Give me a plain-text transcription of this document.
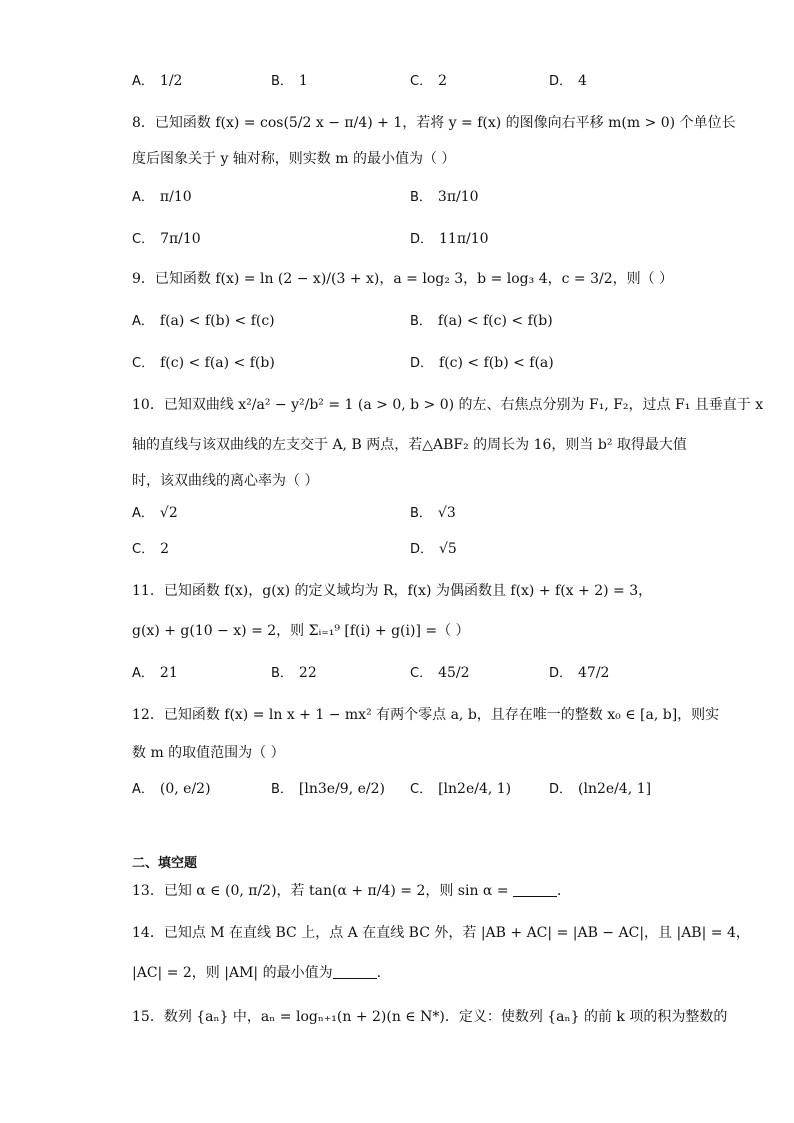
A． 1/2	B． 1	C． 2	D． 4
8．已知函数 f(x) = cos(5/2 x − π/4) + 1，若将 y = f(x) 的图像向右平移 m(m > 0) 个单位长
度后图象关于 y 轴对称，则实数 m 的最小值为（ ）
A． π/10	B． 3π/10
C． 7π/10	D． 11π/10
9．已知函数 f(x) = ln (2 − x)/(3 + x)，a = log₂ 3，b = log₃ 4，c = 3/2，则（ ）
A． f(a) < f(b) < f(c)	B． f(a) < f(c) < f(b)
C． f(c) < f(a) < f(b)	D． f(c) < f(b) < f(a)
10．已知双曲线 x²/a² − y²/b² = 1 (a > 0, b > 0) 的左、右焦点分别为 F₁, F₂，过点 F₁ 且垂直于 x
轴的直线与该双曲线的左支交于 A, B 两点，若△ABF₂ 的周长为 16，则当 b² 取得最大值
时，该双曲线的离心率为（ ）
A． √2	B． √3
C． 2	D． √5
11．已知函数 f(x)，g(x) 的定义域均为 R，f(x) 为偶函数且 f(x) + f(x + 2) = 3，
g(x) + g(10 − x) = 2，则 Σᵢ₌₁⁹ [f(i) + g(i)] =（ ）
A． 21	B． 22	C． 45/2	D． 47/2
12．已知函数 f(x) = ln x + 1 − mx² 有两个零点 a, b，且存在唯一的整数 x₀ ∈ [a, b]，则实
数 m 的取值范围为（ ）
A． (0, e/2)	B． [ln3e/9, e/2) C． [ln2e/4, 1)	D． (ln2e/4, 1]
二、填空题
13．已知 α ∈ (0, π/2)，若 tan(α + π/4) = 2，则 sin α =	．
14．已知点 M 在直线 BC 上，点 A 在直线 BC 外，若 |AB + AC| = |AB − AC|，且 |AB| = 4，
|AC| = 2，则 |AM| 的最小值为	.
15．数列 {aₙ} 中，aₙ = logₙ₊₁(n + 2)(n ∈ N*)．定义：使数列 {aₙ} 的前 k 项的积为整数的
